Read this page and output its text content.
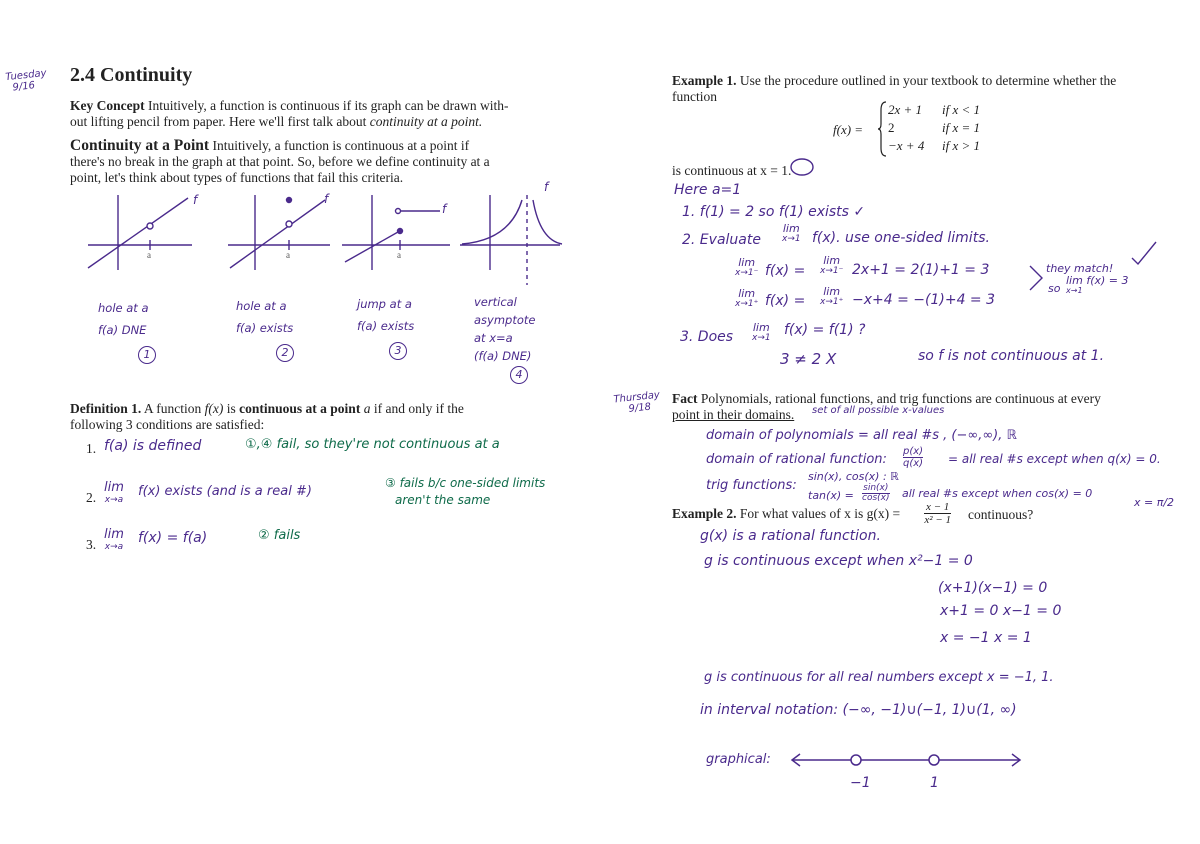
Tuesday
9/16
2.4 Continuity
Key Concept Intuitively, a function is continuous if its graph can be drawn with-
out lifting pencil from paper. Here we'll first talk about continuity at a point.
Continuity at a Point Intuitively, a function is continuous at a point if
there's no break in the graph at that point. So, before we define continuity at a
point, let's think about types of functions that fail this criteria.
f
a
f
a
f
a
f
hole at a
f(a) DNE
1
hole at a
f(a) exists
2
jump at a
f(a) exists
3
vertical
asymptote
at x=a
(f(a) DNE)
4
Definition 1. A function f(x) is continuous at a point a if and only if the
following 3 conditions are satisfied:
1. f(a) is defined	①,④ fail, so they're not continuous at a
2.
lim
x→a
f(x) exists (and is a real #)
③ fails b/c one-sided limits
aren't the same
3.
lim
x→a
f(x) = f(a)	② fails
Example 1. Use the procedure outlined in your textbook to determine whether the
function
f(x) =
2x + 1	if x < 1
2	if x = 1
−x + 4	if x > 1
is continuous at x = 1.
Here a=1
1. f(1) = 2 so f(1) exists ✓
2. Evaluate
lim
x→1 f(x). use one-sided limits.
lim
x→1⁻ f(x) =
lim
x→1⁻ 2x+1 = 2(1)+1 = 3
lim
x→1⁺ f(x) =
lim
x→1⁺ −x+4 = −(1)+4 = 3
they match!
so
lim f(x) = 3
x→1
3. Does
lim
x→1 f(x) = f(1) ?
3 ≠ 2 X	so f is not continuous at 1.
Thursday
9/18
Fact Polynomials, rational functions, and trig functions are continuous at every
point in their domains.	set of all possible x-values
domain of polynomials = all real #s , (−∞,∞), ℝ
domain of rational function: $\frac{p(x)}{q(x)}$ = all real #s except when q(x) = 0.
trig functions:
sin(x), cos(x) : ℝ
$\tan(x) = \frac{\sin(x)}{\cos(x)}$ all real #s except when cos(x) = 0
x = π/2
Example 2. For what values of x is $g(x) = \frac{x - 1}{\text{x² − 1}}$ continuous?
g(x) is a rational function.
g is continuous except when x²−1 = 0
(x+1)(x−1) = 0
x+1 = 0 x−1 = 0
x = −1 x = 1
g is continuous for all real numbers except x = −1, 1.
in interval notation: (−∞, −1)∪(−1, 1)∪(1, ∞)
graphical:
−1	1
